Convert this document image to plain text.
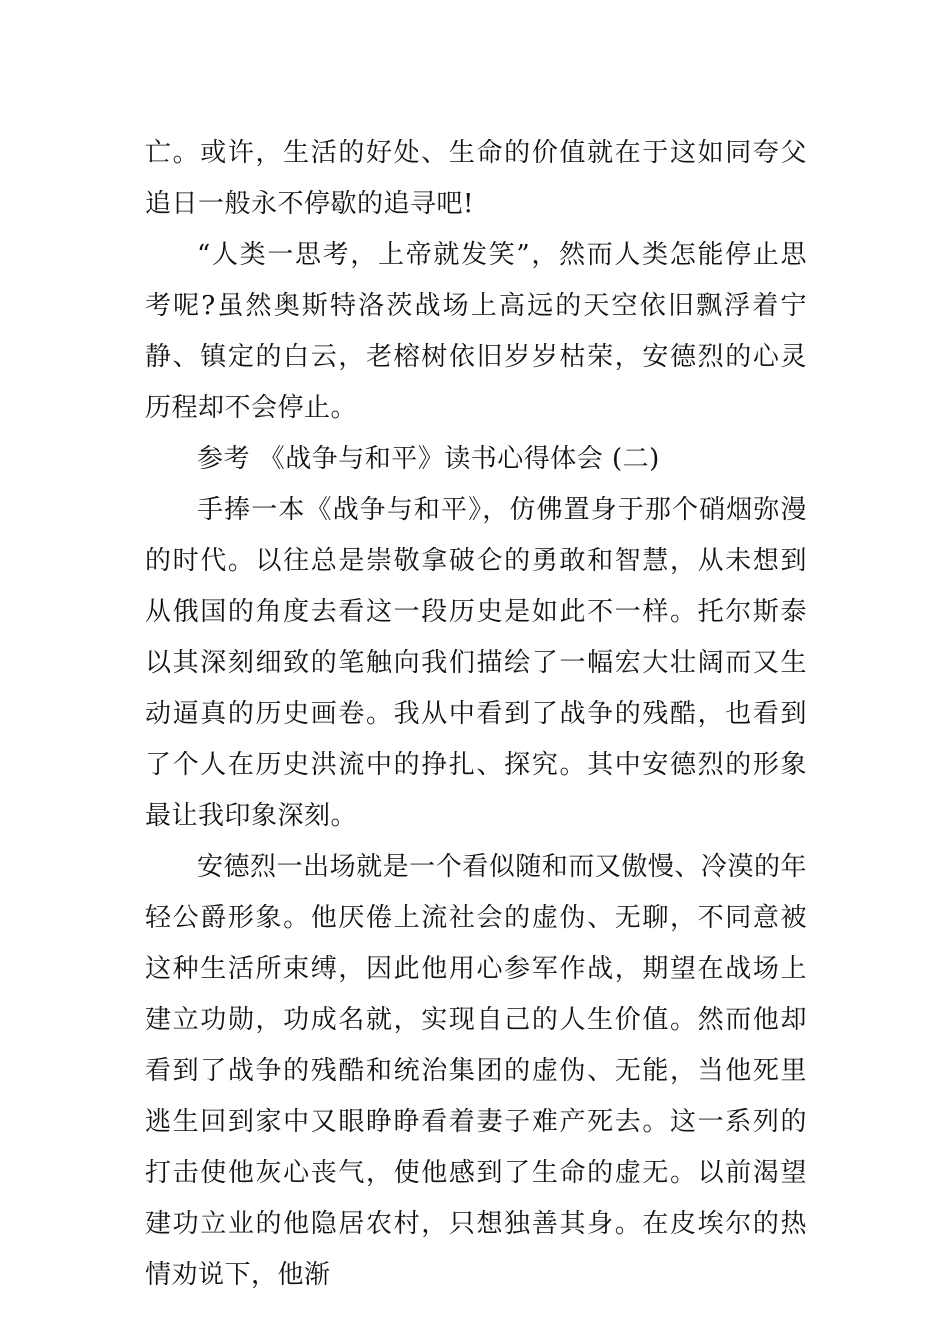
亡。或许，生活的好处、生命的价值就在于这如同夸父追日一般永不停歇的追寻吧!

“人类一思考，上帝就发笑”，然而人类怎能停止思考呢?虽然奥斯特洛茨战场上高远的天空依旧飘浮着宁静、镇定的白云，老榕树依旧岁岁枯荣，安德烈的心灵历程却不会停止。

参考 《战争与和平》读书心得体会 (二)

手捧一本《战争与和平》，仿佛置身于那个硝烟弥漫的时代。以往总是崇敬拿破仑的勇敢和智慧，从未想到从俄国的角度去看这一段历史是如此不一样。托尔斯泰以其深刻细致的笔触向我们描绘了一幅宏大壮阔而又生动逼真的历史画卷。我从中看到了战争的残酷，也看到了个人在历史洪流中的挣扎、探究。其中安德烈的形象最让我印象深刻。

安德烈一出场就是一个看似随和而又傲慢、冷漠的年轻公爵形象。他厌倦上流社会的虚伪、无聊，不同意被这种生活所束缚，因此他用心参军作战，期望在战场上建立功勋，功成名就，实现自己的人生价值。然而他却看到了战争的残酷和统治集团的虚伪、无能，当他死里逃生回到家中又眼睁睁看着妻子难产死去。这一系列的打击使他灰心丧气，使他感到了生命的虚无。以前渴望建功立业的他隐居农村，只想独善其身。在皮埃尔的热情劝说下，他渐
